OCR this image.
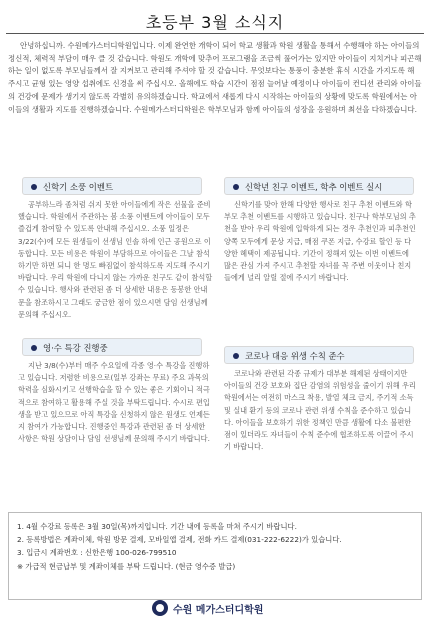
초등부 3월 소식지

안녕하십니까. 수원메가스터디학원입니다. 이제 완연한 개학이 되어 학교 생활과 학원 생활을 통해서 수행해야 하는 아이들의 정신적, 체력적 부담이 매우 클 것 같습니다. 학원도 개학에 맞추어 프로그램을 조금씩 풀어가는 있지만 아이들이 지치거나 피곤해하는 일이 없도록 부모님들께서 잘 지켜보고 관리해 주셔야 할 것 같습니다. 무엇보다는 통풍이 충분한 휴식 시간을 가지도록 해 주시고 균형 있는 영양 섭취에도 신경을 써 주십시오. 올해에도 학습 시간이 점점 늘어날 예정이나 아이들이 컨디션 관리와 아이들의 건강에 문제가 생기지 않도록 각별히 유의하겠습니다. 학교에서 새롭게 다시 시작하는 아이들의 상황에 맞도록 학원에서는 아이들의 생활과 지도를 진행하겠습니다. 수원메가스터디학원은 학부모님과 함께 아이들의 성장을 응원하며 최선을 다하겠습니다.

신학기 소풍 이벤트

공부하느라 좀처럼 쉬지 못한 아이들에게 작은 선물을 준비했습니다. 학원에서 주관하는 봄 소풍 이벤트에 아이들이 모두 즐겁게 참여할 수 있도록 안내해 주십시오. 소풍 일정은 3/22(수)에 모든 원생들이 선생님 인솔 하에 인근 공원으로 이동합니다. 모든 비용은 학원이 부담하므로 아이들은 그날 참석하기만 하면 되니 한 명도 빠짐없이 참석하도록 지도해 주시기 바랍니다. 우리 학원에 다니지 않는 가까운 친구도 같이 참석할 수 있습니다. 행사와 관련된 좀 더 상세한 내용은 동봉한 안내문을 참조하시고 그래도 궁금한 점이 있으시면 담임 선생님께 문의해 주십시오.

영·수 특강 진행중

지난 3/8(수)부터 매주 수요일에 각종 영·수 특강을 진행하고 있습니다. 저렴한 비용으로(일부 강좌는 무료) 주요 과목의 학력을 심화시키고 선행학습을 할 수 있는 좋은 기회이니 적극적으로 참여하고 활용해 주실 것을 부탁드립니다. 수시로 편입생을 받고 있으므로 아직 특강을 신청하지 않은 원생도 언제든지 참여가 가능합니다. 진행중인 특강과 관련된 좀 더 상세한 사항은 학원 상담이나 담임 선생님께 문의해 주시기 바랍니다.

신학년 친구 이벤트, 학추 이벤트 실시

신학기를 맞아 한해 다양한 행사로 친구 추천 이벤트와 학부모 추천 이벤트를 시행하고 있습니다. 친구나 학부모님의 추천을 받아 우리 학원에 입학하게 되는 경우 추천인과 피추천인 양쪽 모두에게 문상 지급, 매점 쿠폰 지급, 수강료 할인 등 다양한 혜택이 제공됩니다. 기간이 정해져 있는 이번 이벤트에 많은 관심 가져 주시고 추천할 자녀를 꼭 주변 이웃이나 친지들에게 널리 알릴 절에 주시기 바랍니다.

코로나 대응 위생 수칙 준수

코로나와 관련된 각종 규제가 대부분 해제된 상태이지만 아이들의 건강 보호와 집단 감염의 위험성을 줄이기 위해 우리 학원에서는 여전히 마스크 착용, 발열 체크 금지, 주기적 소독 및 실내 환기 등의 코로나 관련 위생 수칙을 준수하고 있습니다. 아이들을 보호하기 위한 정책인 만큼 생활에 다소 불편한 점이 있더라도 자녀들이 수칙 준수에 협조하도록 이끌어 주시기 바랍니다.

1. 4월 수강료 등록은 3월 30일(목)까지입니다. 기간 내에 등록을 마쳐 주시기 바랍니다.
2. 등록방법은 계좌이체, 학원 방문 결제, 모바일앱 결제, 전화 카드 결제(031-222-6222)가 있습니다.
3. 입금시 계좌번호 : 신한은행 100-026-799510
※ 가급적 현금납부 및 계좌이체를 부탁 드립니다. (현금 영수증 발급)
수원 메가스터디학원
